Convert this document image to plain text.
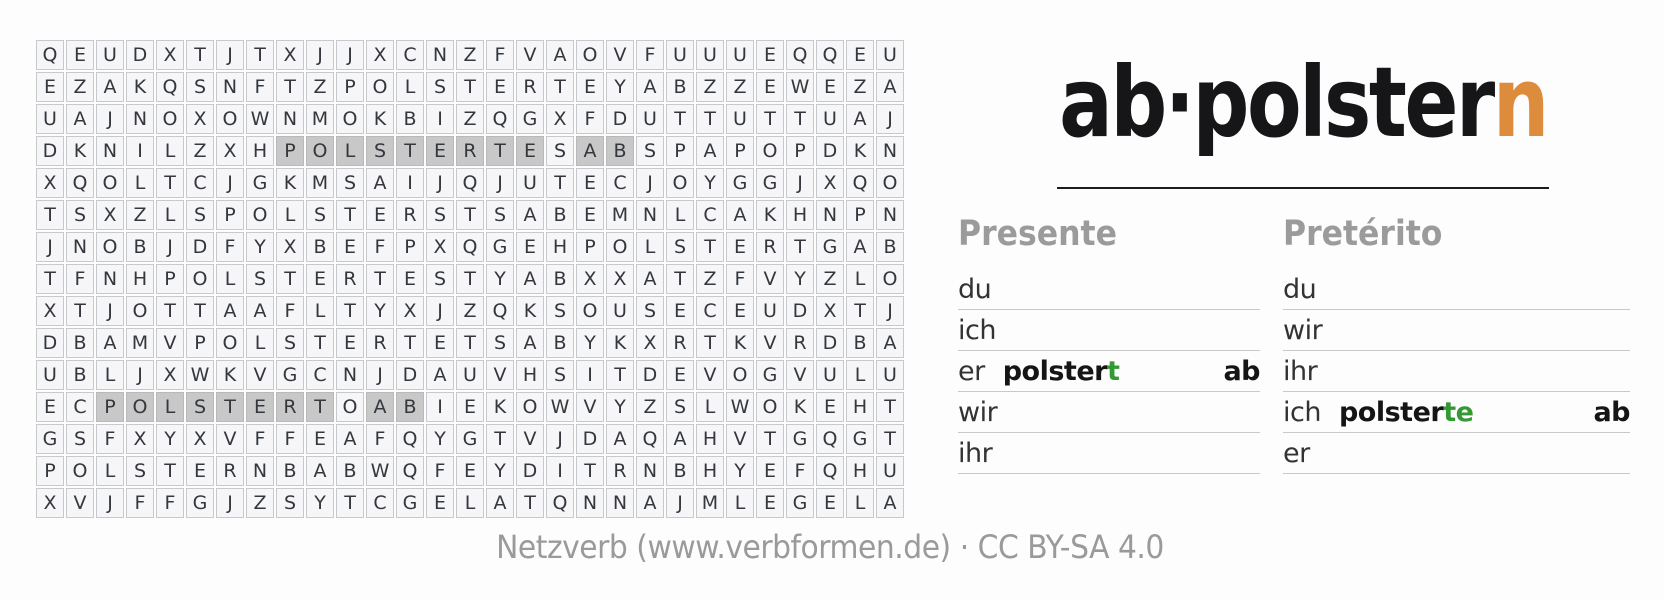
Q	E	U	D	X	T	J	T	X	J	J	X	C	N	Z	F	V	A	O	V	F	U	U	U	E	Q	Q	E	U
E	Z	A	K	Q	S	N	F	T	Z	P	O	L	S	T	E	R	T	E	Y	A	B	Z	Z	E	W	E	Z	A
U	A	J	N	O	X	O	W	N	M	O	K	B	I	Z	Q	G	X	F	D	U	T	T	U	T	T	U	A	J
D	K	N	I	L	Z	X	H	P	O	L	S	T	E	R	T	E	S	A	B	S	P	A	P	O	P	D	K	N
X	Q	O	L	T	C	J	G	K	M	S	A	I	J	Q	J	U	T	E	C	J	O	Y	G	G	J	X	Q	O
T	S	X	Z	L	S	P	O	L	S	T	E	R	S	T	S	A	B	E	M	N	L	C	A	K	H	N	P	N
J	N	O	B	J	D	F	Y	X	B	E	F	P	X	Q	G	E	H	P	O	L	S	T	E	R	T	G	A	B
T	F	N	H	P	O	L	S	T	E	R	T	E	S	T	Y	A	B	X	X	A	T	Z	F	V	Y	Z	L	O
X	T	J	O	T	T	A	A	F	L	T	Y	X	J	Z	Q	K	S	O	U	S	E	C	E	U	D	X	T	J
D	B	A	M	V	P	O	L	S	T	E	R	T	E	T	S	A	B	Y	K	X	R	T	K	V	R	D	B	A
U	B	L	J	X	W	K	V	G	C	N	J	D	A	U	V	H	S	I	T	D	E	V	O	G	V	U	L	U
E	C	P	O	L	S	T	E	R	T	O	A	B	I	E	K	O	W	V	Y	Z	S	L	W	O	K	E	H	T
G	S	F	X	Y	X	V	F	F	E	A	F	Q	Y	G	T	V	J	D	A	Q	A	H	V	T	G	Q	G	T
P	O	L	S	T	E	R	N	B	A	B	W	Q	F	E	Y	D	I	T	R	N	B	H	Y	E	F	Q	H	U
X	V	J	F	F	G	J	Z	S	Y	T	C	G	E	L	A	T	Q	N	N	A	J	M	L	E	G	E	L	A
ab·polstern
Presente
du
ich
er polstert	ab
wir
ihr
Pretérito
du
wir
ihr
ich polsterte	ab
er
Netzverb (www.verbformen.de) · CC BY-SA 4.0
